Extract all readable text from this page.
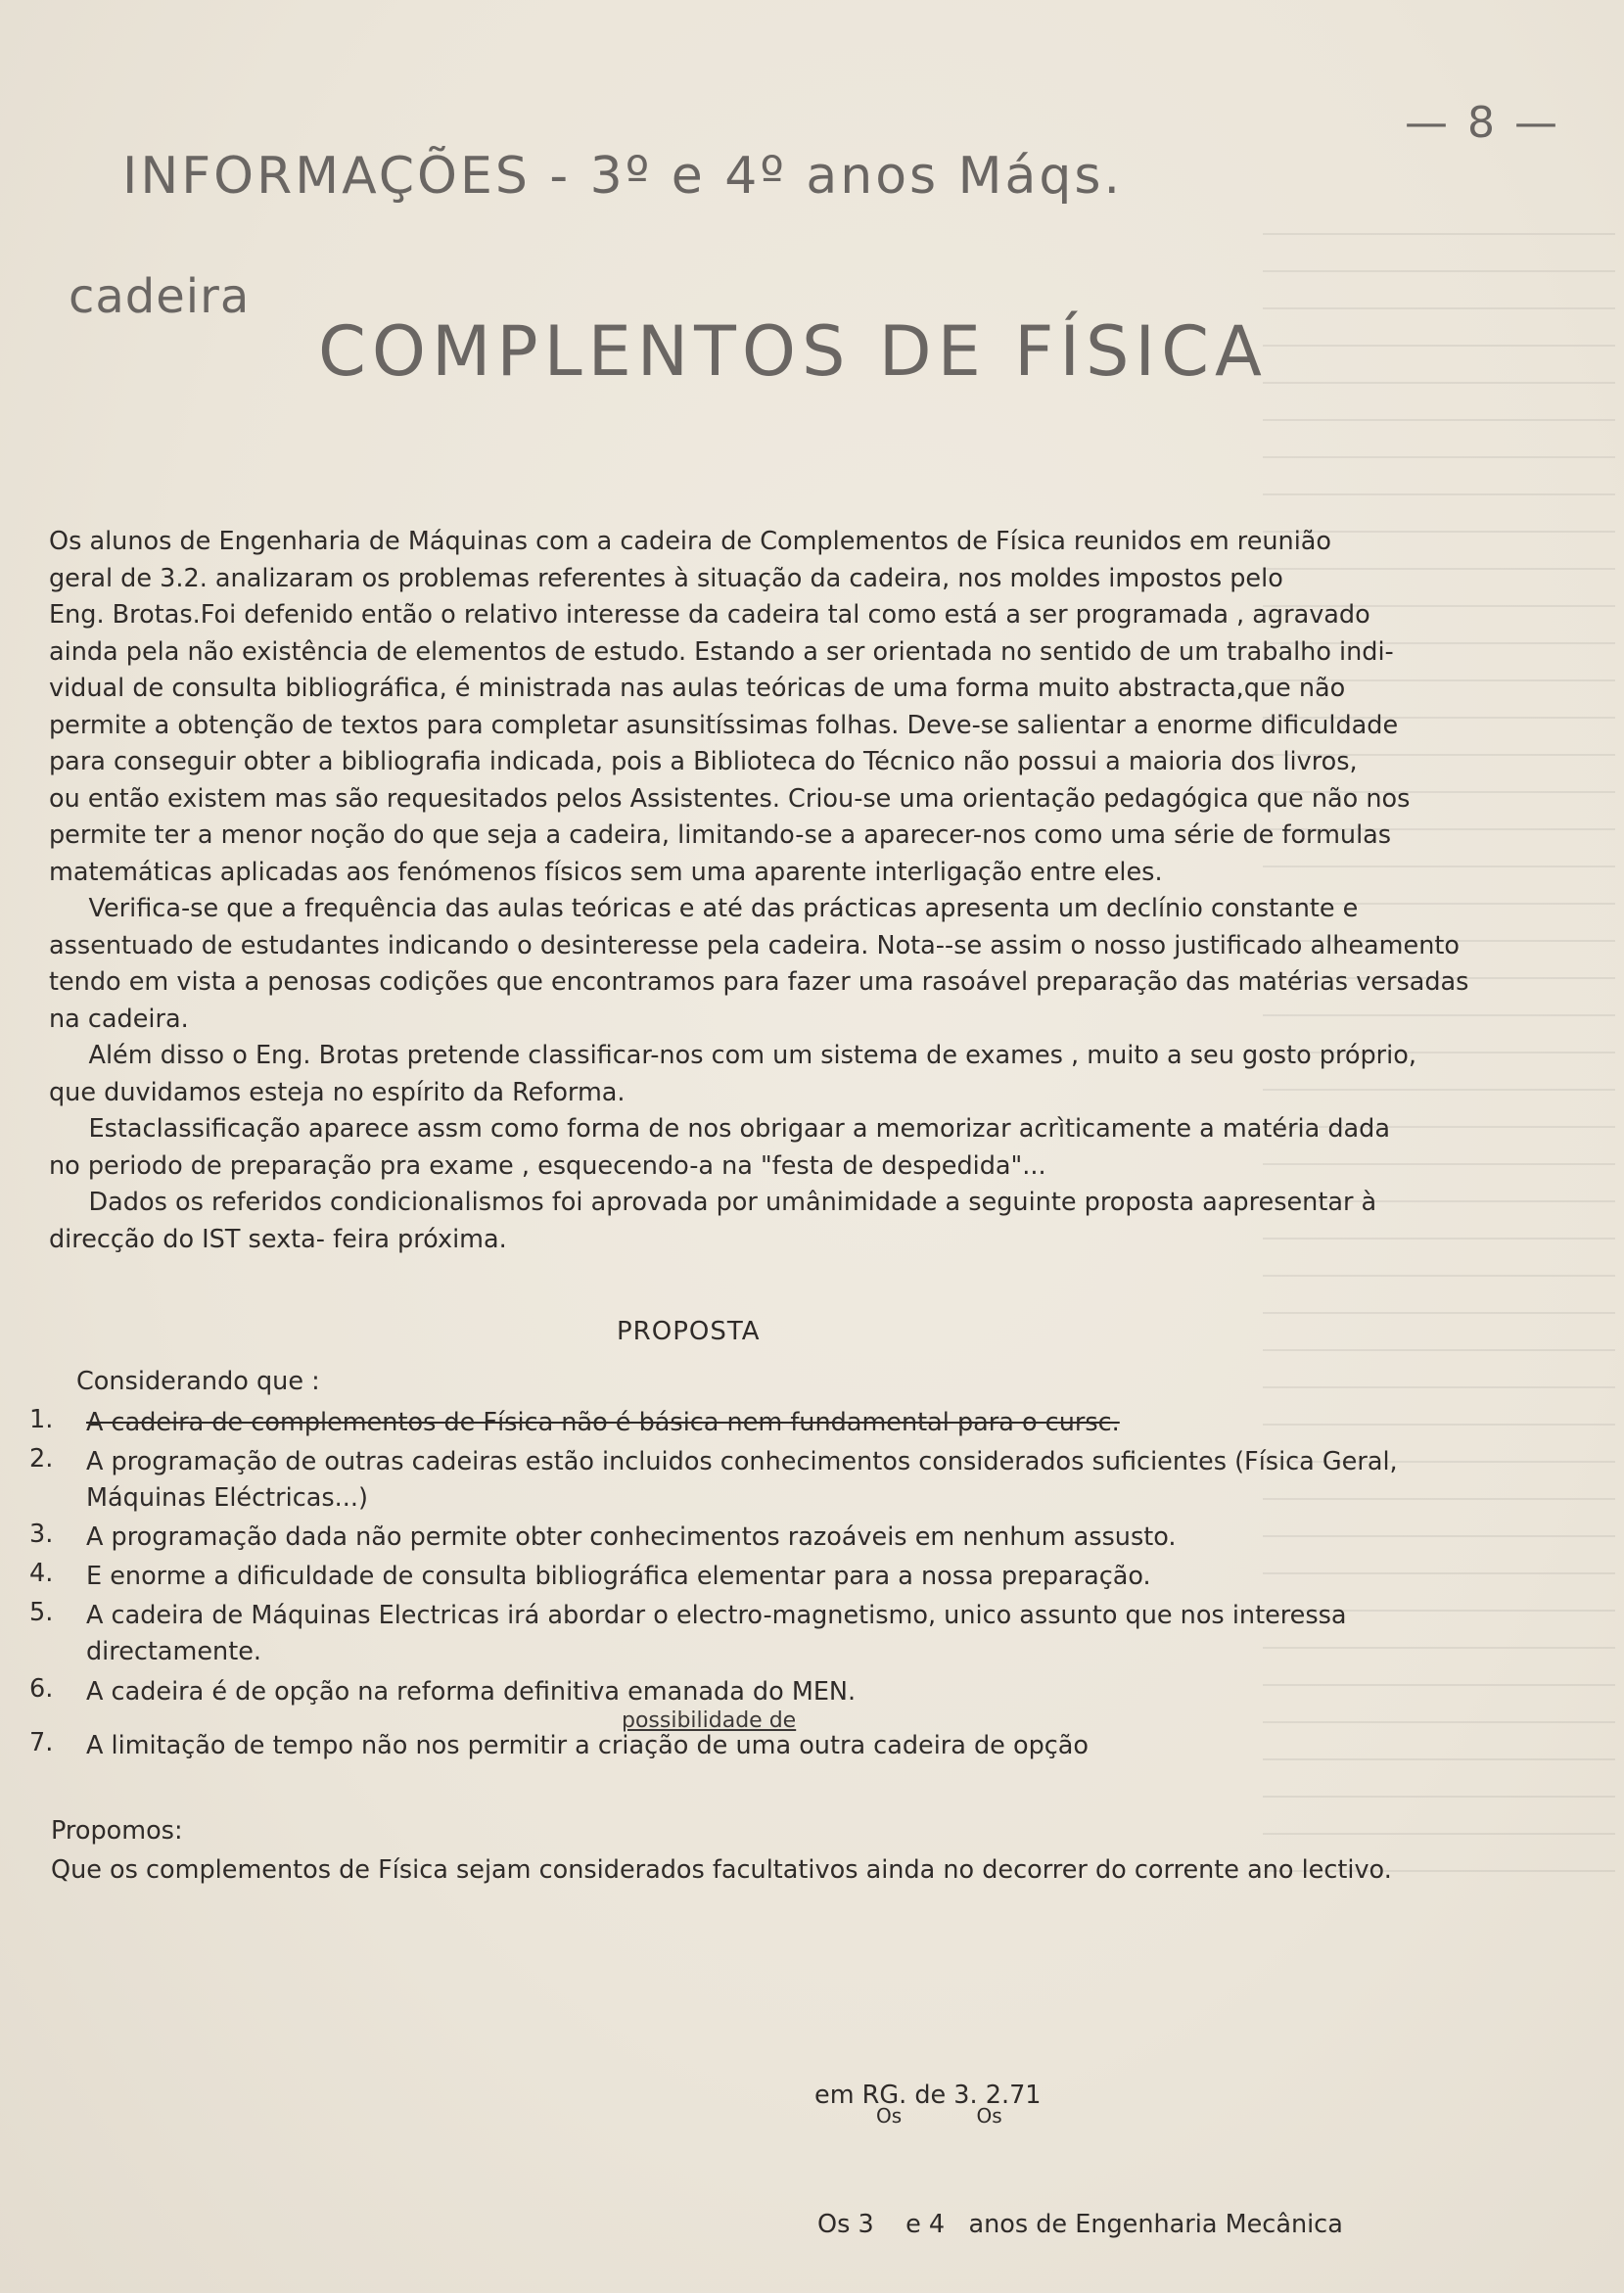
— 8 —
INFORMAÇÕES - 3º e 4º anos Máqs.
cadeira
COMPLENTOS DE FÍSICA

Os alunos de Engenharia de Máquinas com a cadeira de Complementos de Física reunidos em reunião

geral de 3.2. analizaram os problemas referentes à situação da cadeira, nos moldes impostos pelo

Eng. Brotas.Foi defenido então o relativo interesse da cadeira tal como está a ser programada , agravado

ainda pela não existência de elementos de estudo. Estando a ser orientada no sentido de um trabalho indi-

vidual de consulta bibliográfica, é ministrada nas aulas teóricas de uma forma muito abstracta,que não

permite a obtenção de textos para completar asunsitíssimas folhas. Deve-se salientar a enorme dificuldade

para conseguir obter a bibliografia indicada, pois a Biblioteca do Técnico não possui a maioria dos livros,

ou então existem mas são requesitados pelos Assistentes. Criou-se uma orientação pedagógica que não nos

permite ter a menor noção do que seja a cadeira, limitando-se a aparecer-nos como uma série de formulas

matemáticas aplicadas aos fenómenos físicos sem uma aparente interligação entre eles.

Verifica-se que a frequência das aulas teóricas e até das prácticas apresenta um declínio constante e

assentuado de estudantes indicando o desinteresse pela cadeira. Nota--se assim o nosso justificado alheamento

tendo em vista a penosas codições que encontramos para fazer uma rasoável preparação das matérias versadas

na cadeira.

Além disso o Eng. Brotas pretende classificar-nos com um sistema de exames , muito a seu gosto próprio,

que duvidamos esteja no espírito da Reforma.

Estaclassificação aparece assm como forma de nos obrigaar a memorizar acrìticamente a matéria dada

no periodo de preparação pra exame , esquecendo-a na "festa de despedida"...

Dados os referidos condicionalismos foi aprovada por umânimidade a seguinte proposta aapresentar à

direcção do IST sexta- feira próxima.

PROPOSTA
Considerando que :
1.	A cadeira de complementos de Física não é básica nem fundamental para o cursc.
2.	A programação de outras cadeiras estão incluidos conhecimentos considerados suficientes (Física Geral,
Máquinas Eléctricas...)
3.	A programação dada não permite obter conhecimentos razoáveis em nenhum assusto.
4.	E enorme a dificuldade de consulta bibliográfica elementar para a nossa preparação.
5.	A cadeira de Máquinas Electricas irá abordar o electro-magnetismo, unico assunto que nos interessa
directamente.
6.	A cadeira é de opção na reforma definitiva emanada do MEN.
7.	A limitação de tempo não nos permitir a criação de uma outra cadeira de opção
possibilidade de
Propomos:
Que os complementos de Física sejam considerados facultativos ainda no decorrer do corrente ano lectivo.

Os            Os

Os 3    e 4   anos de Engenharia Mecânica

em RG. de 3. 2.71
